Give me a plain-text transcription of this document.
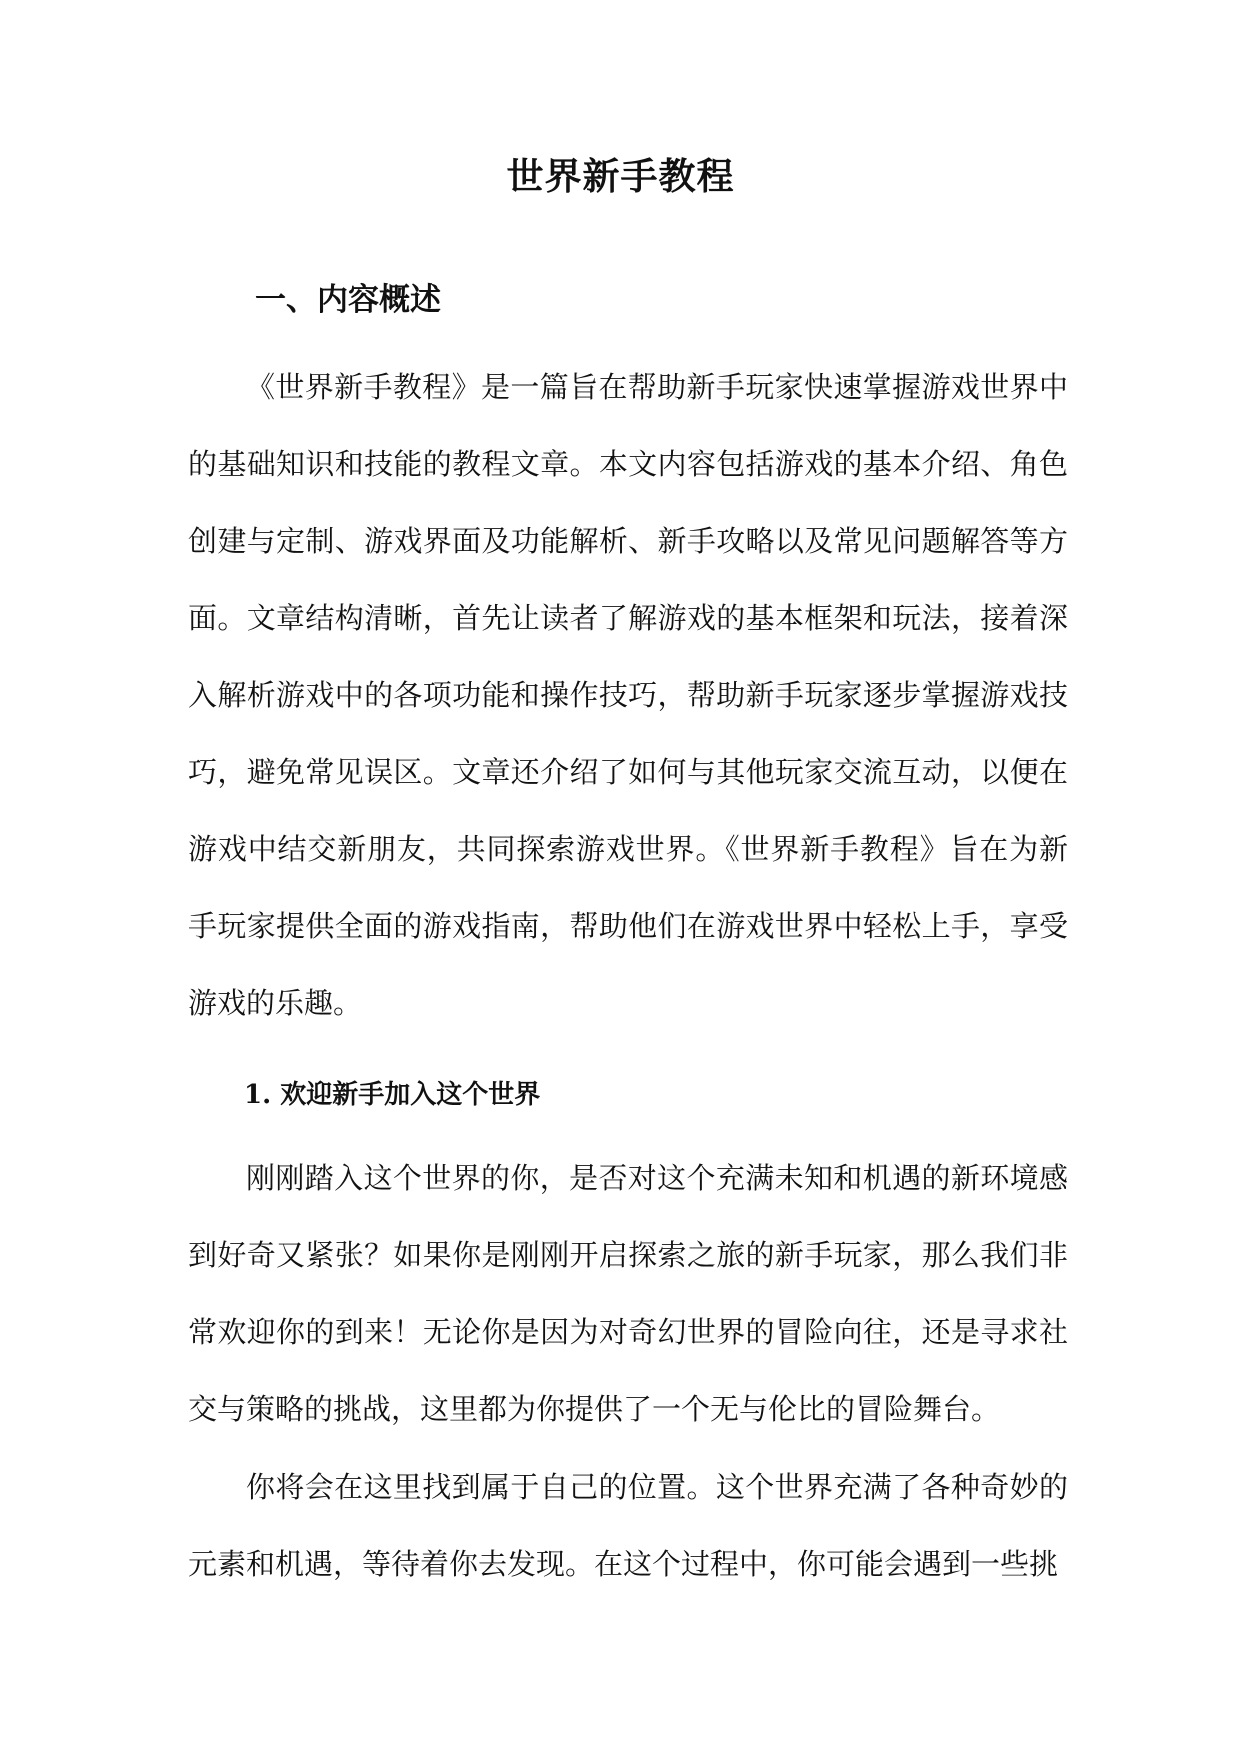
世界新手教程
一、内容概述

《世界新手教程》是一篇旨在帮助新手玩家快速掌握游戏世界中的基础知识和技能的教程文章。本文内容包括游戏的基本介绍、角色创建与定制、游戏界面及功能解析、新手攻略以及常见问题解答等方面。文章结构清晰，首先让读者了解游戏的基本框架和玩法，接着深入解析游戏中的各项功能和操作技巧，帮助新手玩家逐步掌握游戏技巧，避免常见误区。文章还介绍了如何与其他玩家交流互动，以便在游戏中结交新朋友，共同探索游戏世界。《世界新手教程》旨在为新手玩家提供全面的游戏指南，帮助他们在游戏世界中轻松上手，享受游戏的乐趣。

1. 欢迎新手加入这个世界

刚刚踏入这个世界的你，是否对这个充满未知和机遇的新环境感到好奇又紧张？如果你是刚刚开启探索之旅的新手玩家，那么我们非常欢迎你的到来！无论你是因为对奇幻世界的冒险向往，还是寻求社交与策略的挑战，这里都为你提供了一个无与伦比的冒险舞台。

你将会在这里找到属于自己的位置。这个世界充满了各种奇妙的元素和机遇，等待着你去发现。在这个过程中，你可能会遇到一些挑
